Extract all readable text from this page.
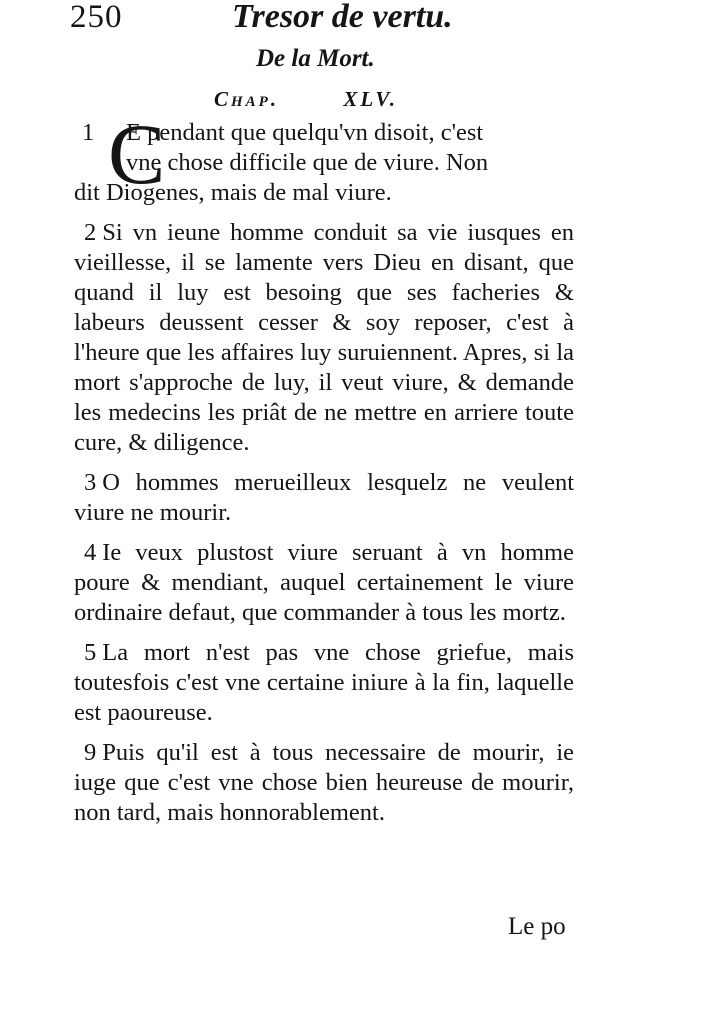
250	Tresor de vertu.
De la Mort.
Chap.	XLV.
1 C
E pendant que quelqu'vn disoit, c'est
vne chose difficile que de viure. Non
dit Diogenes, mais de mal viure.
2 Si vn ieune homme conduit sa vie iusques en vieillesse, il se lamente vers Dieu en disant, que quand il luy est besoing que ses facheries & labeurs deussent cesser & soy reposer, c'est à l'heure que les affaires luy suruiennent. Apres, si la mort s'approche de luy, il veut viure, & demande les medecins les priât de ne mettre en arriere toute cure, & diligence.
3 O hommes merueilleux lesquelz ne veulent viure ne mourir.
4 Ie veux plustost viure seruant à vn homme poure & mendiant, auquel certainement le viure ordinaire defaut, que commander à tous les mortz.
5 La mort n'est pas vne chose griefue, mais toutesfois c'est vne certaine iniure à la fin, laquelle est paoureuse.
9 Puis qu'il est à tous necessaire de mourir, ie iuge que c'est vne chose bien heureuse de mourir, non tard, mais honnorablement.
Le po
